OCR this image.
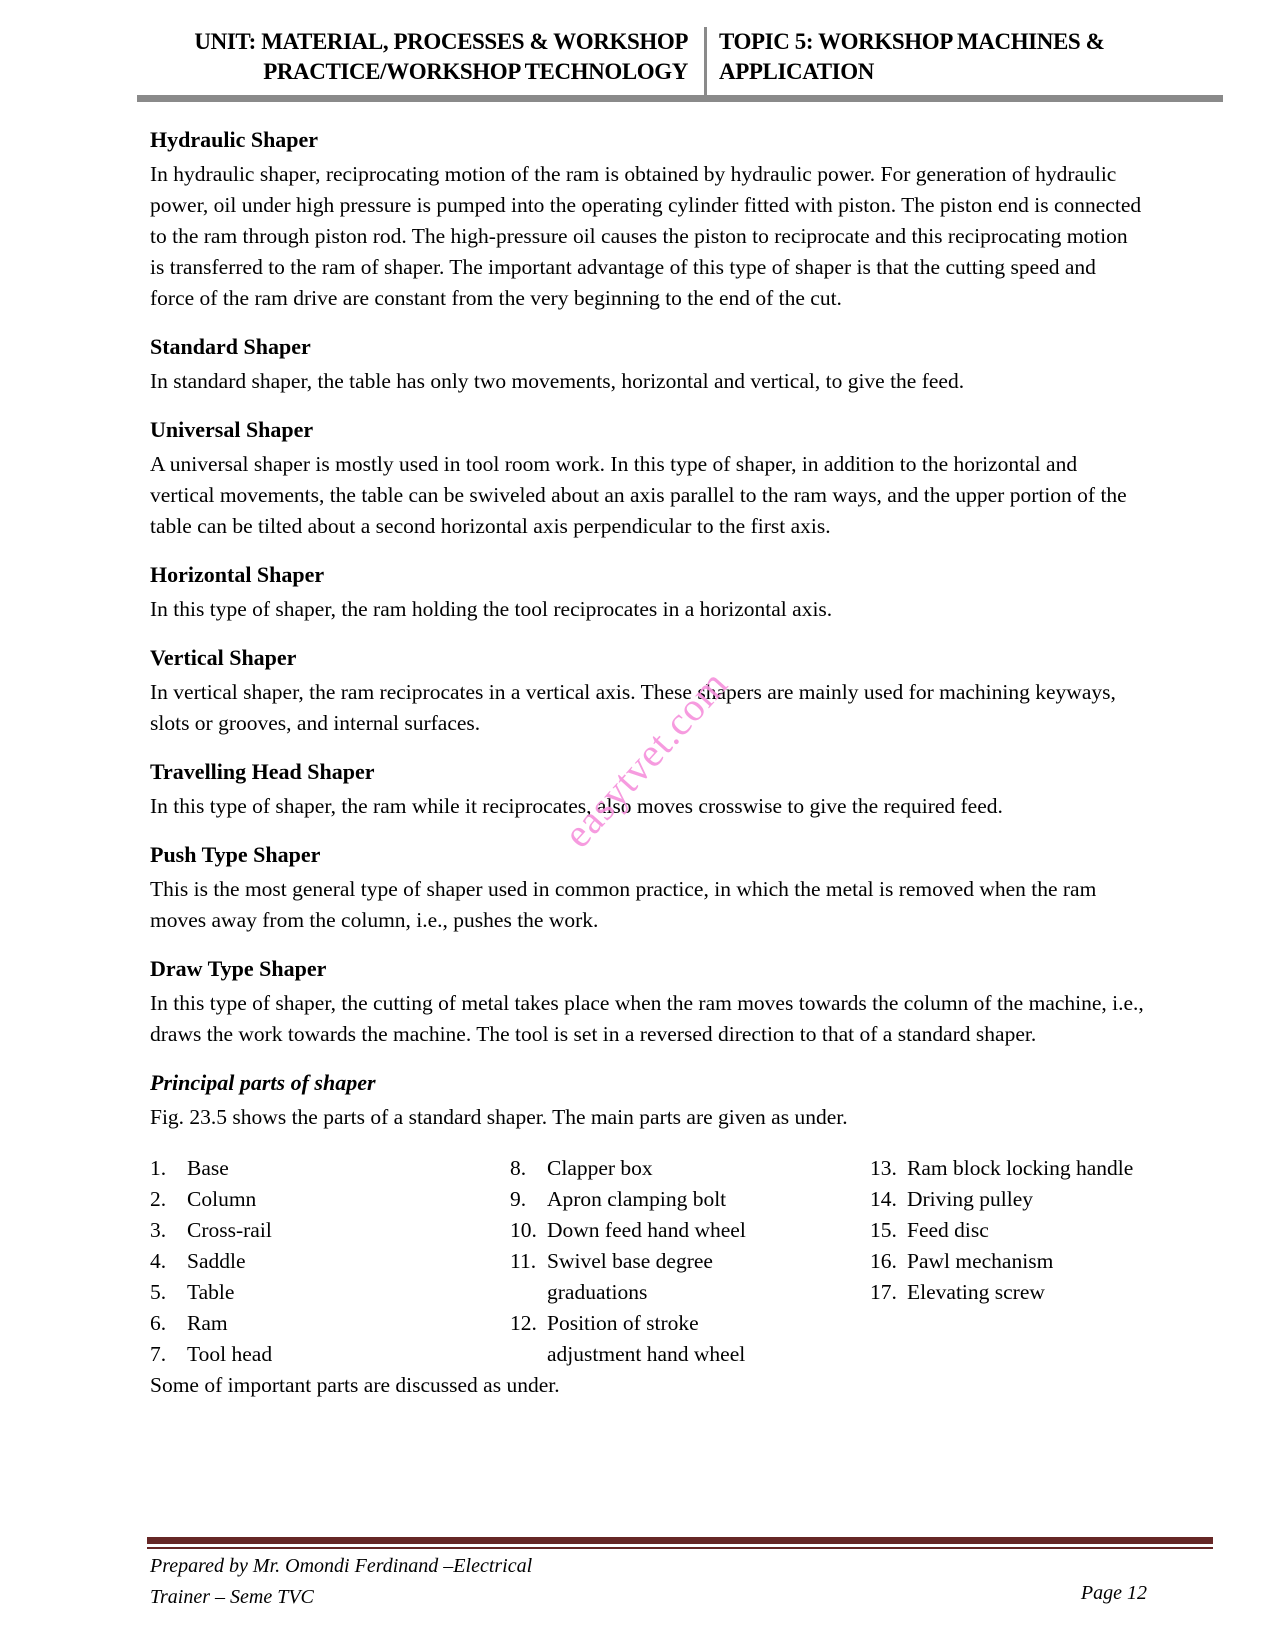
UNIT: MATERIAL, PROCESSES & WORKSHOP PRACTICE/WORKSHOP TECHNOLOGY
TOPIC 5: WORKSHOP MACHINES & APPLICATION
easytvet.com
Hydraulic Shaper

In hydraulic shaper, reciprocating motion of the ram is obtained by hydraulic power. For generation of hydraulic power, oil under high pressure is pumped into the operating cylinder fitted with piston. The piston end is connected to the ram through piston rod. The high-pressure oil causes the piston to reciprocate and this reciprocating motion is transferred to the ram of shaper. The important advantage of this type of shaper is that the cutting speed and force of the ram drive are constant from the very beginning to the end of the cut.

Standard Shaper

In standard shaper, the table has only two movements, horizontal and vertical, to give the feed.

Universal Shaper

A universal shaper is mostly used in tool room work. In this type of shaper, in addition to the horizontal and vertical movements, the table can be swiveled about an axis parallel to the ram ways, and the upper portion of the table can be tilted about a second horizontal axis perpendicular to the first axis.

Horizontal Shaper

In this type of shaper, the ram holding the tool reciprocates in a horizontal axis.

Vertical Shaper

In vertical shaper, the ram reciprocates in a vertical axis. These shapers are mainly used for machining keyways, slots or grooves, and internal surfaces.

Travelling Head Shaper

In this type of shaper, the ram while it reciprocates, also moves crosswise to give the required feed.

Push Type Shaper

This is the most general type of shaper used in common practice, in which the metal is removed when the ram moves away from the column, i.e., pushes the work.

Draw Type Shaper

In this type of shaper, the cutting of metal takes place when the ram moves towards the column of the machine, i.e., draws the work towards the machine. The tool is set in a reversed direction to that of a standard shaper.

Principal parts of shaper

Fig. 23.5 shows the parts of a standard shaper. The main parts are given as under.

1. Base
2. Column
3. Cross-rail
4. Saddle
5. Table
6. Ram
7. Tool head
8. Clapper box
9. Apron clamping bolt
10. Down feed hand wheel
11. Swivel base degree graduations
12. Position of stroke adjustment hand wheel
13. Ram block locking handle
14. Driving pulley
15. Feed disc
16. Pawl mechanism
17. Elevating screw

Some of important parts are discussed as under.

Prepared by Mr. Omondi Ferdinand –Electrical
Trainer – Seme TVC	Page 12
